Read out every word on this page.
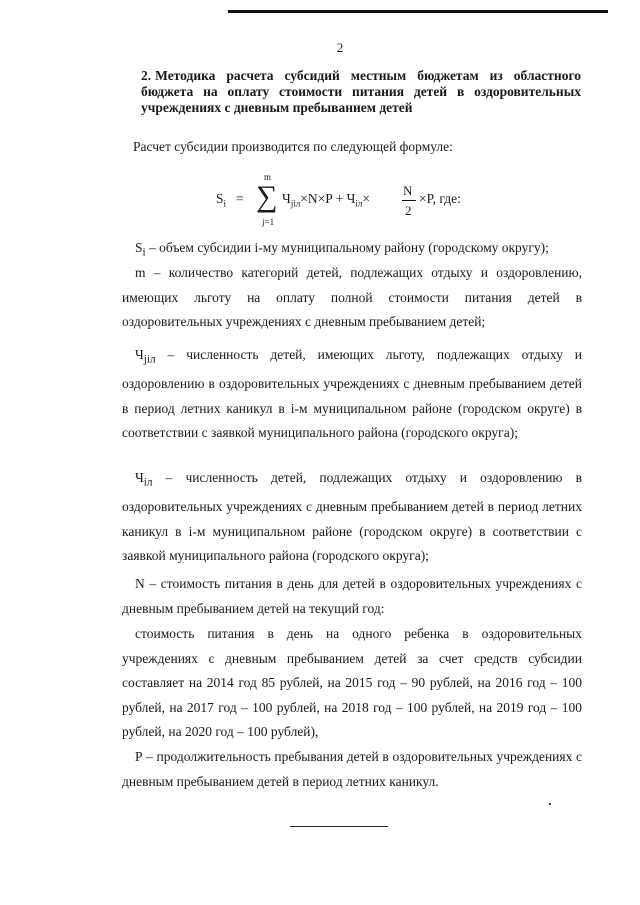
2
2. Методика расчета субсидий местным бюджетам из областного бюджета на оплату стоимости питания детей в оздоровительных учреждениях с дневным пребыванием детей
Расчет субсидии производится по следующей формуле:
$S_i$ =
m
∑
j=1
$Ч_{jiл}\times N\times P + Ч_{iл}\times$
N
2
×P, где:
$S_i$ – объем субсидии i-му муниципальному району (городскому округу);
m – количество категорий детей, подлежащих отдыху и оздоровлению, имеющих льготу на оплату полной стоимости питания детей в оздоровительных учреждениях с дневным пребыванием детей;
$Ч_{jiл}$ – численность детей, имеющих льготу, подлежащих отдыху и оздоровлению в оздоровительных учреждениях с дневным пребыванием детей в период летних каникул в i-м муниципальном районе (городском округе) в соответствии с заявкой муниципального района (городского округа);
$Ч_{iл}$ – численность детей, подлежащих отдыху и оздоровлению в оздоровительных учреждениях с дневным пребыванием детей в период летних каникул в i-м муниципальном районе (городском округе) в соответствии с заявкой муниципального района (городского округа);
N – стоимость питания в день для детей в оздоровительных учреждениях с дневным пребыванием детей на текущий год:
стоимость питания в день на одного ребенка в оздоровительных учреждениях с дневным пребыванием детей за счет средств субсидии составляет на 2014 год 85 рублей, на 2015 год – 90 рублей, на 2016 год – 100 рублей, на 2017 год – 100 рублей, на 2018 год – 100 рублей, на 2019 год – 100 рублей, на 2020 год – 100 рублей),
Р – продолжительность пребывания детей в оздоровительных учреждениях с дневным пребыванием детей в период летних каникул.
